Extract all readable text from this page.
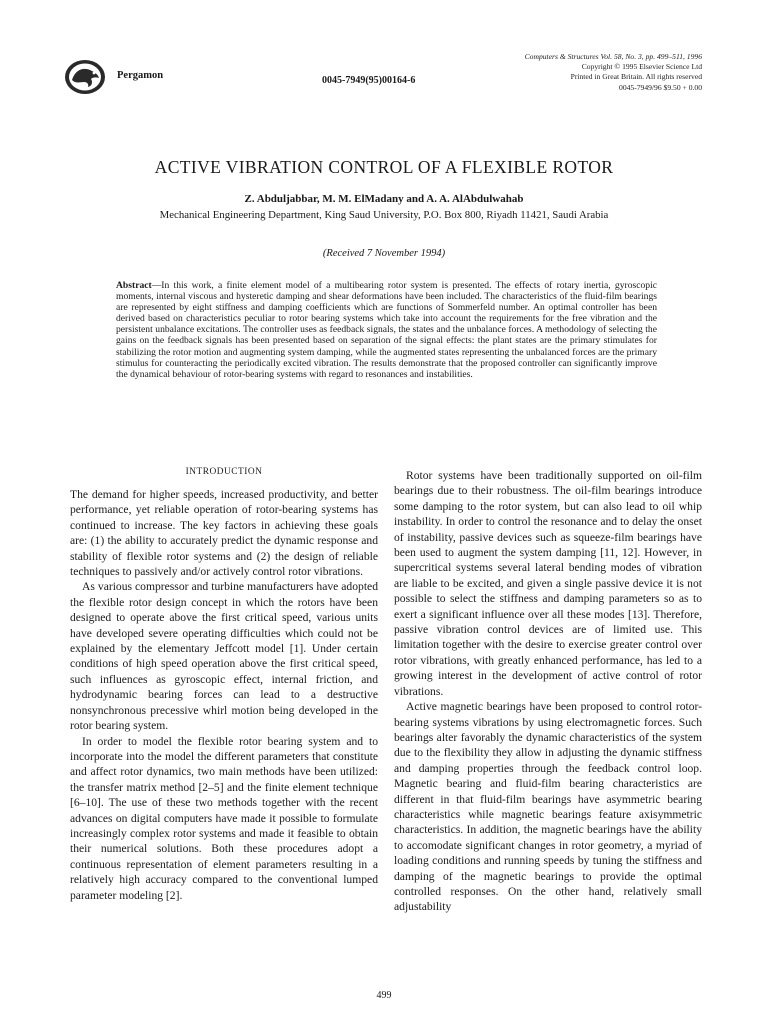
Pergamon	0045-7949(95)00164-6
Computers & Structures Vol. 58, No. 3, pp. 499–511, 1996
Copyright © 1995 Elsevier Science Ltd
Printed in Great Britain. All rights reserved
0045-7949/96 $9.50 + 0.00
ACTIVE VIBRATION CONTROL OF A FLEXIBLE ROTOR
Z. Abduljabbar, M. M. ElMadany and A. A. AlAbdulwahab
Mechanical Engineering Department, King Saud University, P.O. Box 800, Riyadh 11421, Saudi Arabia
(Received 7 November 1994)
Abstract—In this work, a finite element model of a multibearing rotor system is presented. The effects of rotary inertia, gyroscopic moments, internal viscous and hysteretic damping and shear deformations have been included. The characteristics of the fluid-film bearings are represented by eight stiffness and damping coefficients which are functions of Sommerfeld number. An optimal controller has been derived based on characteristics peculiar to rotor bearing systems which take into account the requirements for the free vibration and the persistent unbalance excitations. The controller uses as feedback signals, the states and the unbalance forces. A methodology of selecting the gains on the feedback signals has been presented based on separation of the signal effects: the plant states are the primary stimulates for stabilizing the rotor motion and augmenting system damping, while the augmented states representing the unbalanced forces are the primary stimulus for counteracting the periodically excited vibration. The results demonstrate that the proposed controller can significantly improve the dynamical behaviour of rotor-bearing systems with regard to resonances and instabilities.
INTRODUCTION

The demand for higher speeds, increased productivity, and better performance, yet reliable operation of rotor-bearing systems has continued to increase. The key factors in achieving these goals are: (1) the ability to accurately predict the dynamic response and stability of flexible rotor systems and (2) the design of reliable techniques to passively and/or actively control rotor vibrations.

As various compressor and turbine manufacturers have adopted the flexible rotor design concept in which the rotors have been designed to operate above the first critical speed, various units have developed severe operating difficulties which could not be explained by the elementary Jeffcott model [1]. Under certain conditions of high speed operation above the first critical speed, such influences as gyroscopic effect, internal friction, and hydrodynamic bearing forces can lead to a destructive nonsynchronous precessive whirl motion being developed in the rotor bearing system.

In order to model the flexible rotor bearing system and to incorporate into the model the different parameters that constitute and affect rotor dynamics, two main methods have been utilized: the transfer matrix method [2–5] and the finite element technique [6–10]. The use of these two methods together with the recent advances on digital computers have made it possible to formulate increasingly complex rotor systems and made it feasible to obtain their numerical solutions. Both these procedures adopt a continuous representation of element parameters resulting in a relatively high accuracy compared to the conventional lumped parameter modeling [2].

Rotor systems have been traditionally supported on oil-film bearings due to their robustness. The oil-film bearings introduce some damping to the rotor system, but can also lead to oil whip instability. In order to control the resonance and to delay the onset of instability, passive devices such as squeeze-film bearings have been used to augment the system damping [11, 12]. However, in supercritical systems several lateral bending modes of vibration are liable to be excited, and given a single passive device it is not possible to select the stiffness and damping parameters so as to exert a significant influence over all these modes [13]. Therefore, passive vibration control devices are of limited use. This limitation together with the desire to exercise greater control over rotor vibrations, with greatly enhanced performance, has led to a growing interest in the development of active control of rotor vibrations.

Active magnetic bearings have been proposed to control rotor-bearing systems vibrations by using electromagnetic forces. Such bearings alter favorably the dynamic characteristics of the system due to the flexibility they allow in adjusting the dynamic stiffness and damping properties through the feedback control loop. Magnetic bearing and fluid-film bearing characteristics are different in that fluid-film bearings have asymmetric bearing characteristics while magnetic bearings feature axisymmetric characteristics. In addition, the magnetic bearings have the ability to accomodate significant changes in rotor geometry, a myriad of loading conditions and running speeds by tuning the stiffness and damping of the magnetic bearings to provide the optimal controlled responses. On the other hand, relatively small adjustability

499
